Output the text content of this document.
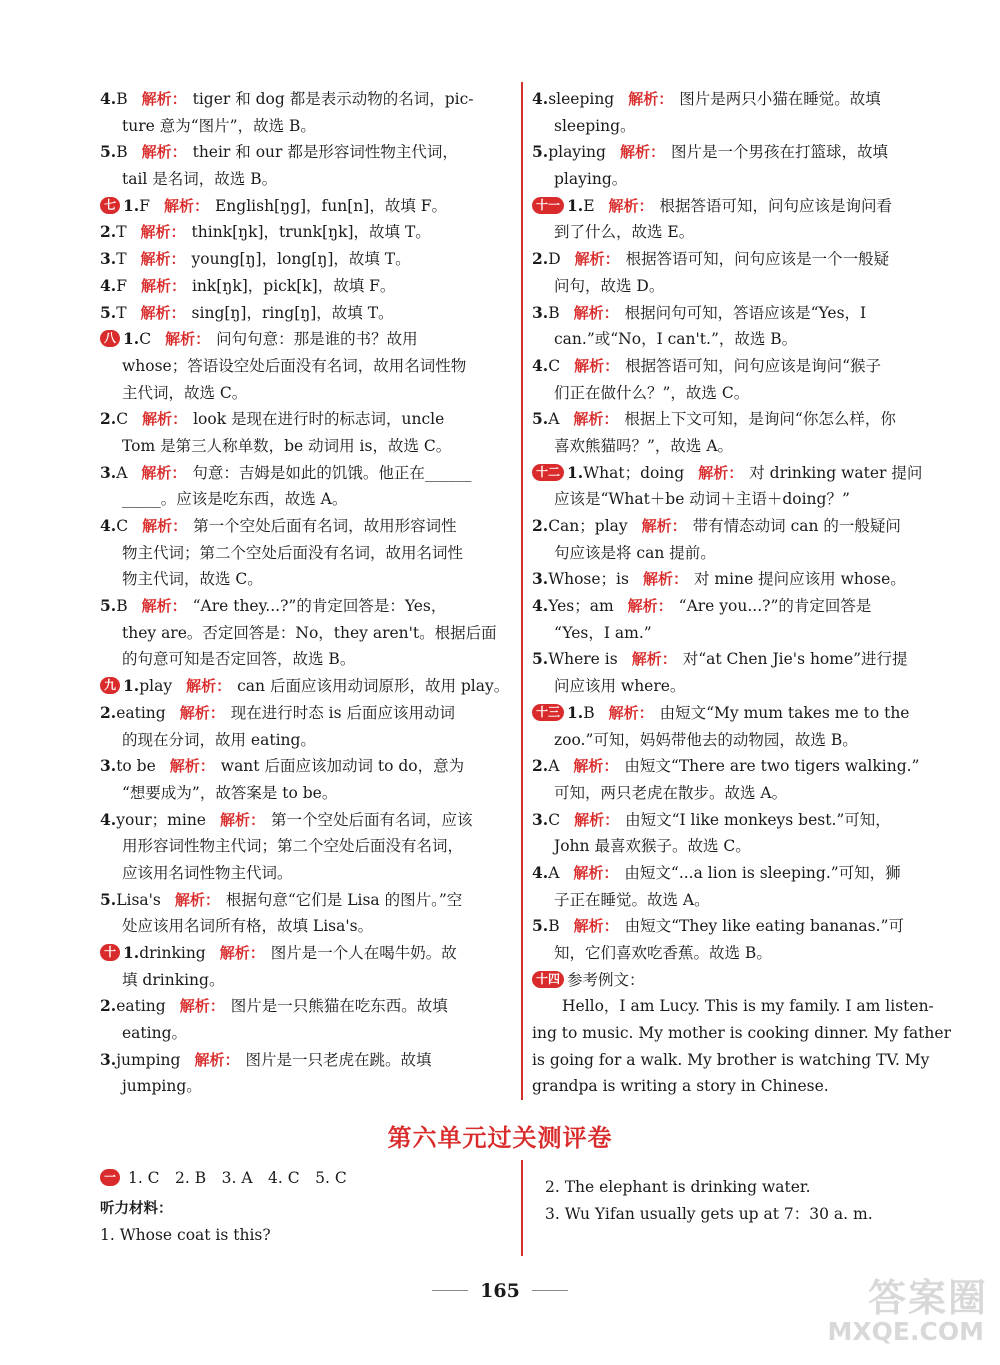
4.B 解析： tiger 和 dog 都是表示动物的名词，pic-
ture 意为“图片”，故选 B。
5.B 解析： their 和 our 都是形容词性物主代词，
tail 是名词，故选 B。
七 1.F 解析： English[ŋg]，fun[n]，故填 F。
2.T 解析： think[ŋk]，trunk[ŋk]，故填 T。
3.T 解析： young[ŋ]，long[ŋ]，故填 T。
4.F 解析： ink[ŋk]，pick[k]，故填 F。
5.T 解析： sing[ŋ]，ring[ŋ]，故填 T。
八 1.C 解析： 问句句意：那是谁的书？故用
whose；答语设空处后面没有名词，故用名词性物
主代词，故选 C。
2.C 解析： look 是现在进行时的标志词，uncle
Tom 是第三人称单数，be 动词用 is，故选 C。
3.A 解析： 句意：吉姆是如此的饥饿。他正在______
_____。应该是吃东西，故选 A。
4.C 解析： 第一个空处后面有名词，故用形容词性
物主代词；第二个空处后面没有名词，故用名词性
物主代词，故选 C。
5.B 解析： “Are they...?”的肯定回答是：Yes，
they are。否定回答是：No，they aren't。根据后面
的句意可知是否定回答，故选 B。
九 1.play 解析： can 后面应该用动词原形，故用 play。
2.eating 解析： 现在进行时态 is 后面应该用动词
的现在分词，故用 eating。
3.to be 解析： want 后面应该加动词 to do，意为
“想要成为”，故答案是 to be。
4.your；mine 解析： 第一个空处后面有名词，应该
用形容词性物主代词；第二个空处后面没有名词，
应该用名词性物主代词。
5.Lisa's 解析： 根据句意“它们是 Lisa 的图片。”空
处应该用名词所有格，故填 Lisa's。
十 1.drinking 解析： 图片是一个人在喝牛奶。故
填 drinking。
2.eating 解析： 图片是一只熊猫在吃东西。故填
eating。
3.jumping 解析： 图片是一只老虎在跳。故填
jumping。
4.sleeping 解析： 图片是两只小猫在睡觉。故填
sleeping。
5.playing 解析： 图片是一个男孩在打篮球，故填
playing。
十一 1.E 解析： 根据答语可知，问句应该是询问看
到了什么，故选 E。
2.D 解析： 根据答语可知，问句应该是一个一般疑
问句，故选 D。
3.B 解析： 根据问句可知，答语应该是“Yes，I
can.”或“No，I can't.”，故选 B。
4.C 解析： 根据答语可知，问句应该是询问“猴子
们正在做什么？”，故选 C。
5.A 解析： 根据上下文可知，是询问“你怎么样，你
喜欢熊猫吗？”，故选 A。
十二 1.What；doing 解析： 对 drinking water 提问
应该是“What＋be 动词＋主语＋doing？”
2.Can；play 解析： 带有情态动词 can 的一般疑问
句应该是将 can 提前。
3.Whose；is 解析： 对 mine 提问应该用 whose。
4.Yes；am 解析： “Are you...?”的肯定回答是
“Yes，I am.”
5.Where is 解析： 对“at Chen Jie's home”进行提
问应该用 where。
十三 1.B 解析： 由短文“My mum takes me to the
zoo.”可知，妈妈带他去的动物园，故选 B。
2.A 解析： 由短文“There are two tigers walking.”
可知，两只老虎在散步。故选 A。
3.C 解析： 由短文“I like monkeys best.”可知，
John 最喜欢猴子。故选 C。
4.A 解析： 由短文“...a lion is sleeping.”可知，狮
子正在睡觉。故选 A。
5.B 解析： 由短文“They like eating bananas.”可
知，它们喜欢吃香蕉。故选 B。
十四 参考例文：
Hello，I am Lucy. This is my family. I am listen-
ing to music. My mother is cooking dinner. My father
is going for a walk. My brother is watching TV. My
grandpa is writing a story in Chinese.
第六单元过关测评卷
一 1. C　2. B　3. A　4. C　5. C
听力材料：
1. Whose coat is this?
2. The elephant is drinking water.
3. Wu Yifan usually gets up at 7：30 a. m.
165	答案圈
MXQE.COM
